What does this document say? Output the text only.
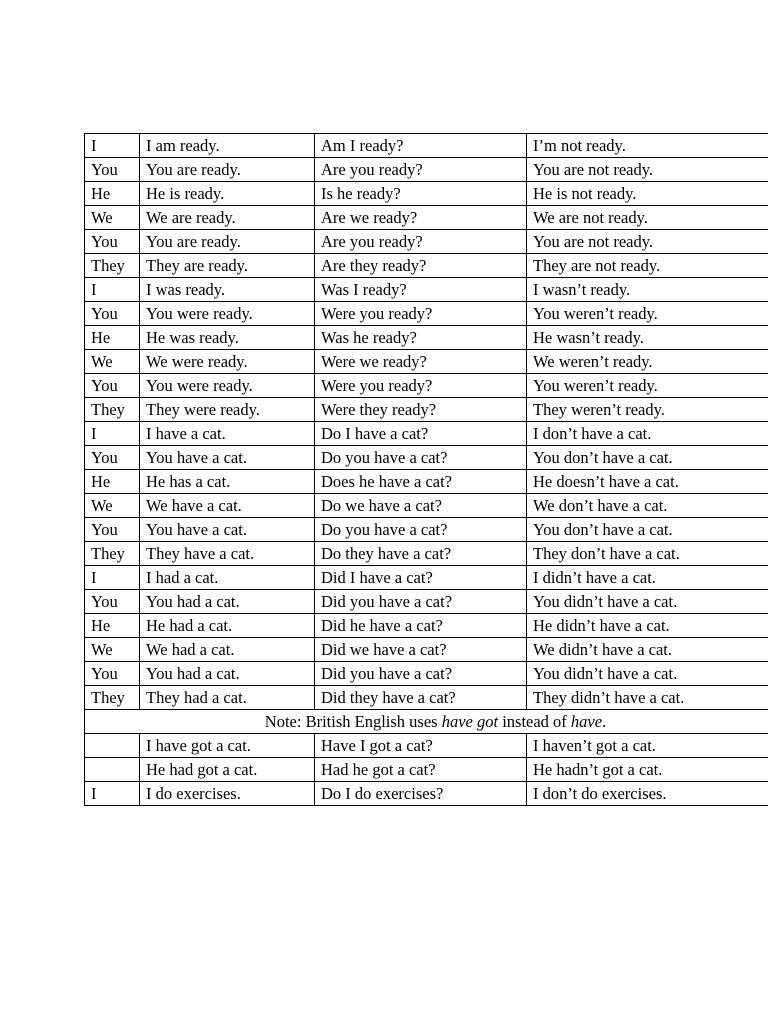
I	I am ready.	Am I ready?	I’m not ready.
You	You are ready.	Are you ready?	You are not ready.
He	He is ready.	Is he ready?	He is not ready.
We	We are ready.	Are we ready?	We are not ready.
You	You are ready.	Are you ready?	You are not ready.
They	They are ready.	Are they ready?	They are not ready.
I	I was ready.	Was I ready?	I wasn’t ready.
You	You were ready.	Were you ready?	You weren’t ready.
He	He was ready.	Was he ready?	He wasn’t ready.
We	We were ready.	Were we ready?	We weren’t ready.
You	You were ready.	Were you ready?	You weren’t ready.
They	They were ready.	Were they ready?	They weren’t ready.
I	I have a cat.	Do I have a cat?	I don’t have a cat.
You	You have a cat.	Do you have a cat?	You don’t have a cat.
He	He has a cat.	Does he have a cat?	He doesn’t have a cat.
We	We have a cat.	Do we have a cat?	We don’t have a cat.
You	You have a cat.	Do you have a cat?	You don’t have a cat.
They	They have a cat.	Do they have a cat?	They don’t have a cat.
I	I had a cat.	Did I have a cat?	I didn’t have a cat.
You	You had a cat.	Did you have a cat?	You didn’t have a cat.
He	He had a cat.	Did he have a cat?	He didn’t have a cat.
We	We had a cat.	Did we have a cat?	We didn’t have a cat.
You	You had a cat.	Did you have a cat?	You didn’t have a cat.
They	They had a cat.	Did they have a cat?	They didn’t have a cat.
Note: British English uses have got instead of have.			
	I have got a cat.	Have I got a cat?	I haven’t got a cat.
	He had got a cat.	Had he got a cat?	He hadn’t got a cat.
I	I do exercises.	Do I do exercises?	I don’t do exercises.
